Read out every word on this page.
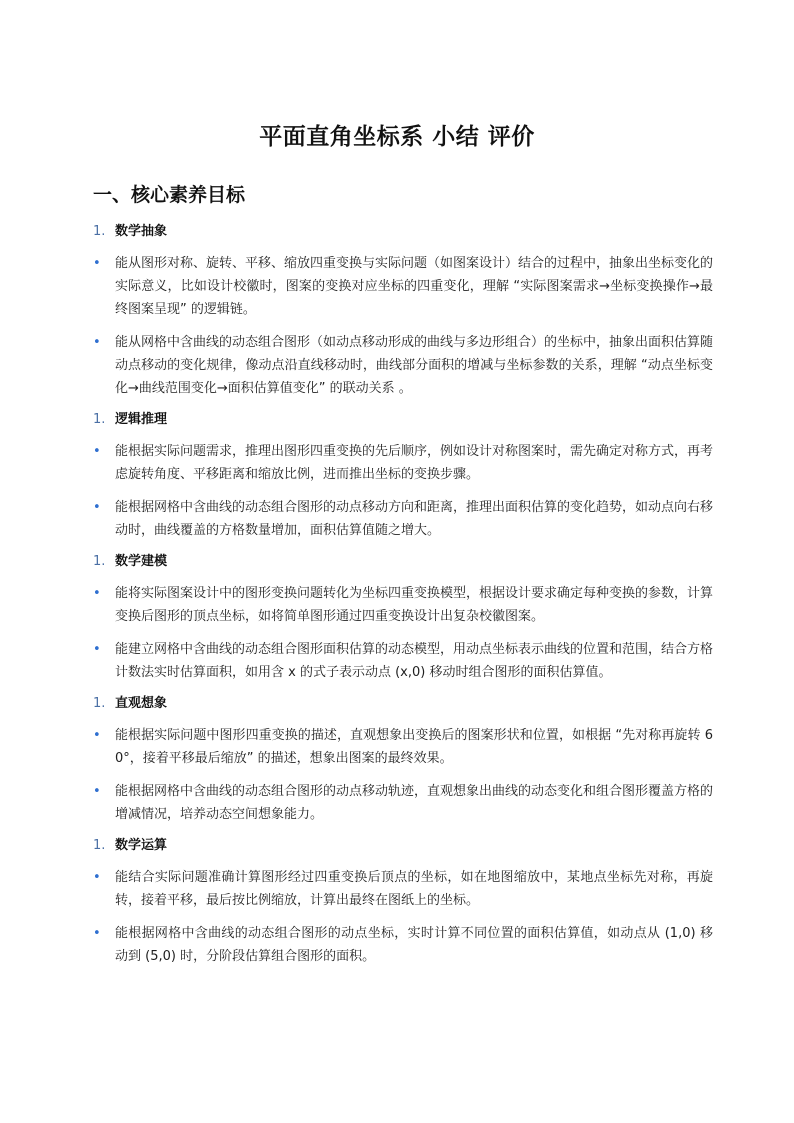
平面直角坐标系 小结 评价
一、核心素养目标
1. 数学抽象
•	能从图形对称、旋转、平移、缩放四重变换与实际问题（如图案设计）结合的过程中，抽象出坐标变化的实际意义，比如设计校徽时，图案的变换对应坐标的四重变化，理解 “实际图案需求→坐标变换操作→最终图案呈现” 的逻辑链。
•	能从网格中含曲线的动态组合图形（如动点移动形成的曲线与多边形组合）的坐标中，抽象出面积估算随动点移动的变化规律，像动点沿直线移动时，曲线部分面积的增减与坐标参数的关系，理解 “动点坐标变化→曲线范围变化→面积估算值变化” 的联动关系 。
1. 逻辑推理
•	能根据实际问题需求，推理出图形四重变换的先后顺序，例如设计对称图案时，需先确定对称方式，再考虑旋转角度、平移距离和缩放比例，进而推出坐标的变换步骤。
•	能根据网格中含曲线的动态组合图形的动点移动方向和距离，推理出面积估算的变化趋势，如动点向右移动时，曲线覆盖的方格数量增加，面积估算值随之增大。
1. 数学建模
•	能将实际图案设计中的图形变换问题转化为坐标四重变换模型，根据设计要求确定每种变换的参数，计算变换后图形的顶点坐标，如将简单图形通过四重变换设计出复杂校徽图案。
•	能建立网格中含曲线的动态组合图形面积估算的动态模型，用动点坐标表示曲线的位置和范围，结合方格计数法实时估算面积，如用含 x 的式子表示动点 (x,0) 移动时组合图形的面积估算值。
1. 直观想象
•	能根据实际问题中图形四重变换的描述，直观想象出变换后的图案形状和位置，如根据 “先对称再旋转 60°，接着平移最后缩放” 的描述，想象出图案的最终效果。
•	能根据网格中含曲线的动态组合图形的动点移动轨迹，直观想象出曲线的动态变化和组合图形覆盖方格的增减情况，培养动态空间想象能力。
1. 数学运算
•	能结合实际问题准确计算图形经过四重变换后顶点的坐标，如在地图缩放中，某地点坐标先对称，再旋转，接着平移，最后按比例缩放，计算出最终在图纸上的坐标。
•	能根据网格中含曲线的动态组合图形的动点坐标，实时计算不同位置的面积估算值，如动点从 (1,0) 移动到 (5,0) 时，分阶段估算组合图形的面积。
